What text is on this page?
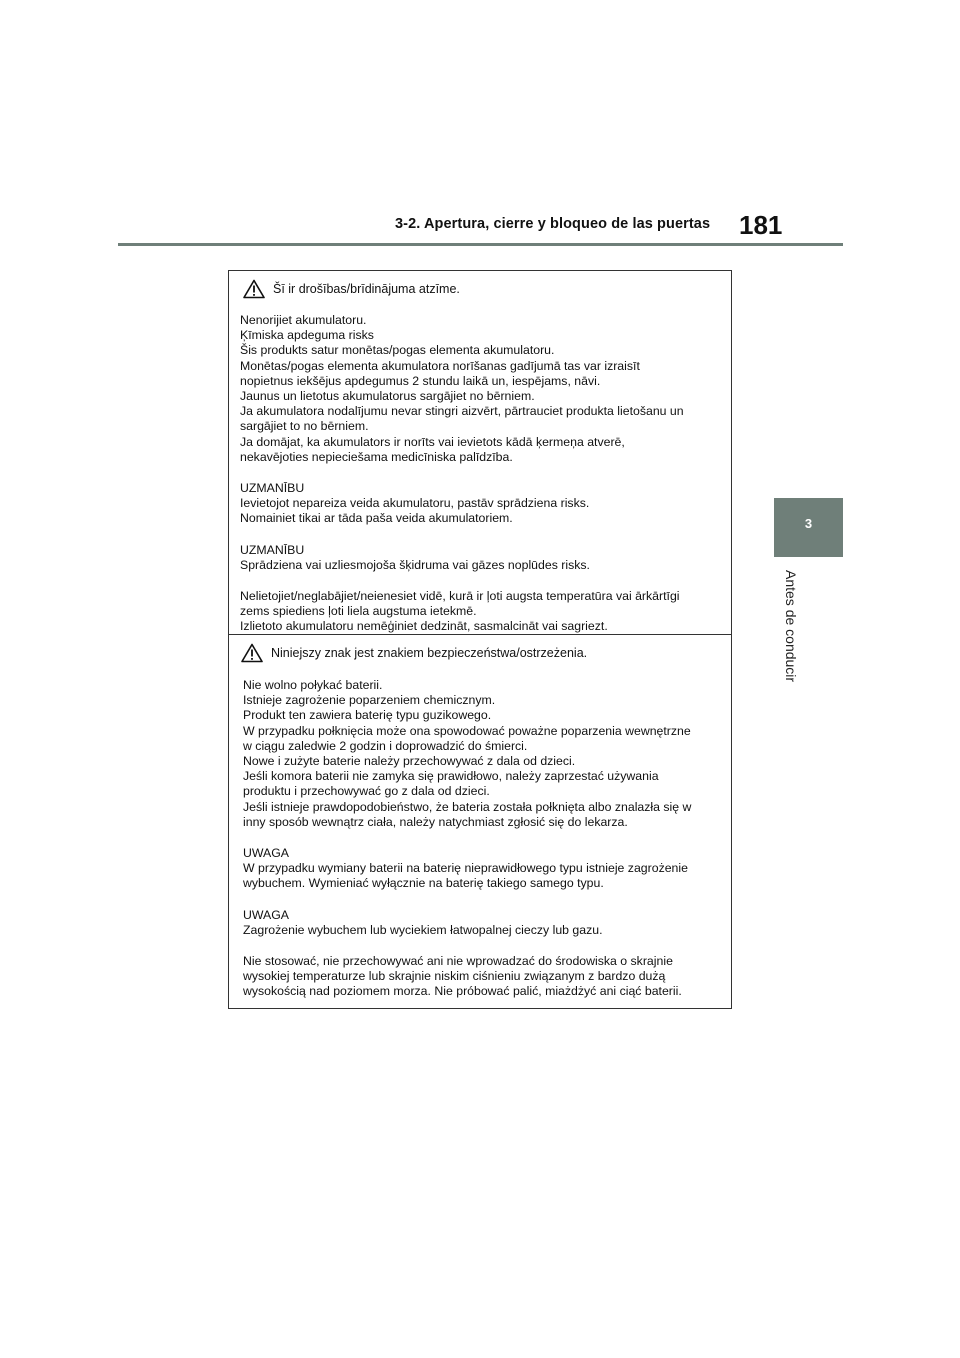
3-2. Apertura, cierre y bloqueo de las puertas 181
3
Antes de conducir
Šī ir drošības/brīdinājuma atzīme.

Nenorijiet akumulatoru.
Ķīmiska apdeguma risks
Šis produkts satur monētas/pogas elementa akumulatoru.
Monētas/pogas elementa akumulatora norīšanas gadījumā tas var izraisīt
nopietnus iekšējus apdegumus 2 stundu laikā un, iespējams, nāvi.
Jaunus un lietotus akumulatorus sargājiet no bērniem.
Ja akumulatora nodalījumu nevar stingri aizvērt, pārtrauciet produkta lietošanu un
sargājiet to no bērniem.
Ja domājat, ka akumulators ir norīts vai ievietots kādā ķermeņa atverē,
nekavējoties nepieciešama medicīniska palīdzība.

UZMANĪBU
Ievietojot nepareiza veida akumulatoru, pastāv sprādziena risks.
Nomainiet tikai ar tāda paša veida akumulatoriem.

UZMANĪBU
Sprādziena vai uzliesmojoša šķidruma vai gāzes noplūdes risks.

Nelietojiet/neglabājiet/neienesiet vidē, kurā ir ļoti augsta temperatūra vai ārkārtīgi
zems spiediens ļoti liela augstuma ietekmē.
Izlietoto akumulatoru nemēģiniet dedzināt, sasmalcināt vai sagriezt.

Niniejszy znak jest znakiem bezpieczeństwa/ostrzeżenia.

Nie wolno połykać baterii.
Istnieje zagrożenie poparzeniem chemicznym.
Produkt ten zawiera baterię typu guzikowego.
W przypadku połknięcia może ona spowodować poważne poparzenia wewnętrzne
w ciągu zaledwie 2 godzin i doprowadzić do śmierci.
Nowe i zużyte baterie należy przechowywać z dala od dzieci.
Jeśli komora baterii nie zamyka się prawidłowo, należy zaprzestać używania
produktu i przechowywać go z dala od dzieci.
Jeśli istnieje prawdopodobieństwo, że bateria została połknięta albo znalazła się w
inny sposób wewnątrz ciała, należy natychmiast zgłosić się do lekarza.

UWAGA
W przypadku wymiany baterii na baterię nieprawidłowego typu istnieje zagrożenie
wybuchem. Wymieniać wyłącznie na baterię takiego samego typu.

UWAGA
Zagrożenie wybuchem lub wyciekiem łatwopalnej cieczy lub gazu.

Nie stosować, nie przechowywać ani nie wprowadzać do środowiska o skrajnie
wysokiej temperaturze lub skrajnie niskim ciśnieniu związanym z bardzo dużą
wysokością nad poziomem morza. Nie próbować palić, miażdżyć ani ciąć baterii.
